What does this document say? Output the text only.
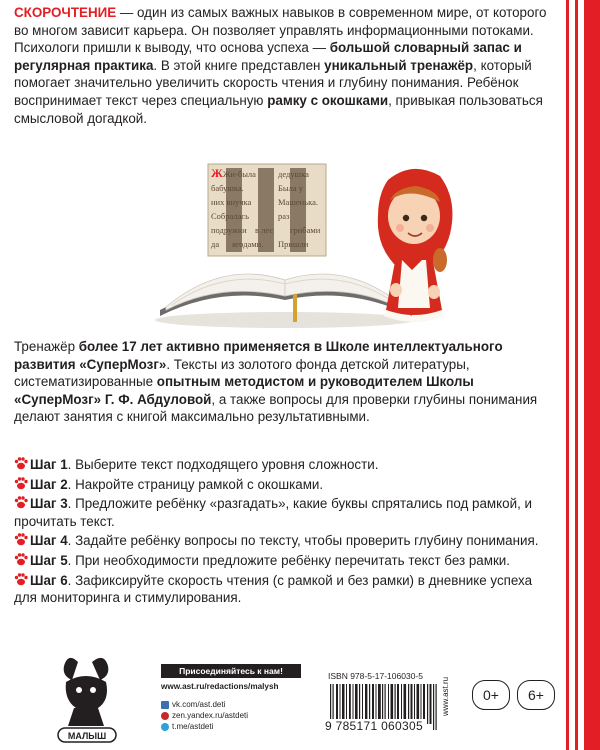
СКОРОЧТЕНИЕ — один из самых важных навыков в современном мире, от которого во многом зависит карьера. Он позволяет управлять информационными потоками. Психологи пришли к выводу, что основа успеха — большой словарный запас и регулярная практика. В этой книге представлен уникальный тренажёр, который помогает значительно увеличить скорость чтения и глубину понимания. Ребёнок воспринимает текст через специальную рамку с окошками, привыкая пользоваться смысловой догадкой.
ЖЖи-была	дедушка
бабушка.	Была у
них внучка	Машенька.
Собралась	раз
подружки в лес грибами
да ягодами. Пришли
Тренажёр более 17 лет активно применяется в Школе интеллектуального развития «СуперМозг». Тексты из золотого фонда детской литературы, систематизированные опытным методистом и руководителем Школы «СуперМозг» Г. Ф. Абдуловой, а также вопросы для проверки глубины понимания делают занятия с книгой максимально результативными.
Шаг 1. Выберите текст подходящего уровня сложности.
Шаг 2. Накройте страницу рамкой с окошками.
Шаг 3. Предложите ребёнку «разгадать», какие буквы спрятались под рамкой, и прочитать текст.
Шаг 4. Задайте ребёнку вопросы по тексту, чтобы проверить глубину понимания.
Шаг 5. При необходимости предложите ребёнку перечитать текст без рамки.
Шаг 6. Зафиксируйте скорость чтения (с рамкой и без рамки) в дневнике успеха для мониторинга и стимулирования.
МАЛЫШ
Присоединяйтесь к нам!
www.ast.ru/redactions/malysh
vk.com/ast.deti
zen.yandex.ru/astdeti
t.me/astdeti
ISBN 978-5-17-106030-5
9 785171 060305
www.ast.ru	0+	6+
